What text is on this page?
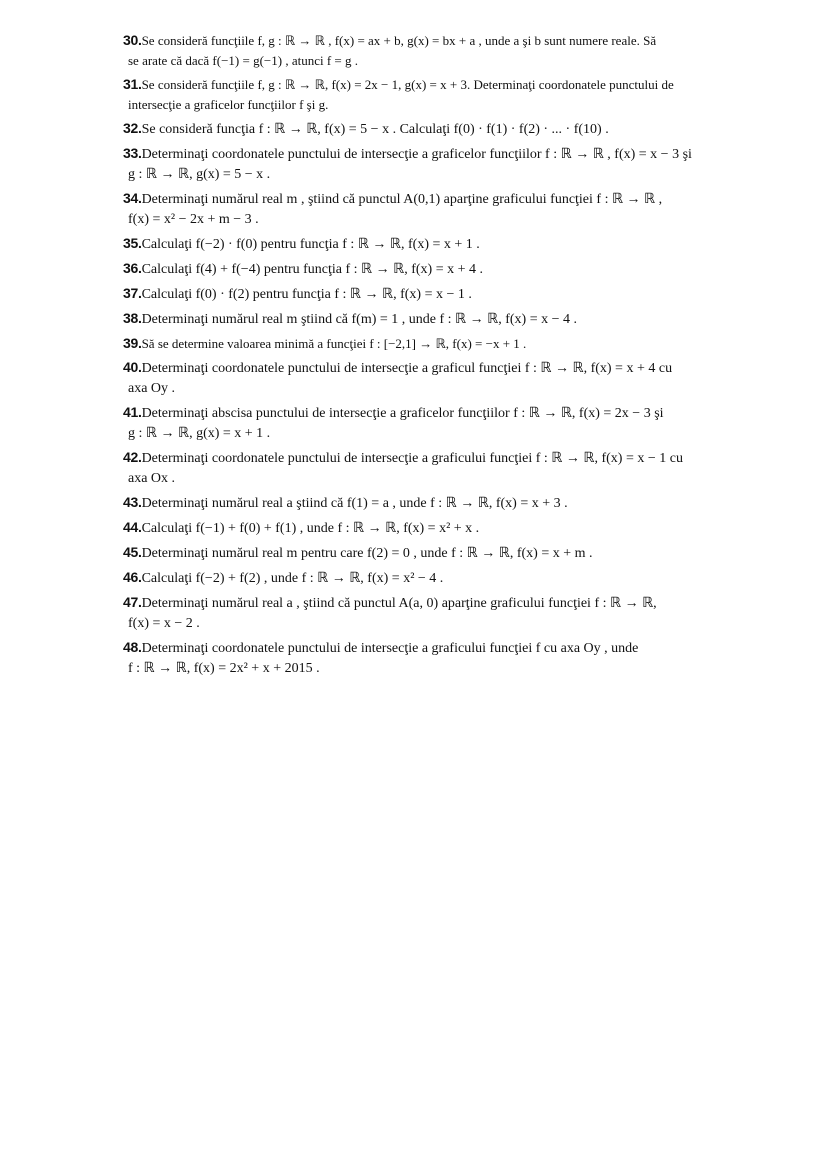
30.Se consideră funcţiile f, g : ℝ → ℝ , f(x) = ax + b, g(x) = bx + a , unde a şi b sunt numere reale. Să
se arate că dacă f(−1) = g(−1) , atunci f = g .
31.Se consideră funcţiile f, g : ℝ → ℝ, f(x) = 2x − 1, g(x) = x + 3. Determinaţi coordonatele punctului de
intersecţie a graficelor funcţiilor f şi g.
32.Se consideră funcţia f : ℝ → ℝ, f(x) = 5 − x . Calculaţi f(0) · f(1) · f(2) · ... · f(10) .
33.Determinaţi coordonatele punctului de intersecţie a graficelor funcţiilor f : ℝ → ℝ , f(x) = x − 3 şi
g : ℝ → ℝ, g(x) = 5 − x .
34.Determinaţi numărul real m , ştiind că punctul A(0,1) aparţine graficului funcţiei f : ℝ → ℝ ,
f(x) = x² − 2x + m − 3 .
35.Calculaţi f(−2) · f(0) pentru funcţia f : ℝ → ℝ, f(x) = x + 1 .
36.Calculaţi f(4) + f(−4) pentru funcţia f : ℝ → ℝ, f(x) = x + 4 .
37.Calculaţi f(0) · f(2) pentru funcţia f : ℝ → ℝ, f(x) = x − 1 .
38.Determinaţi numărul real m ştiind că f(m) = 1 , unde f : ℝ → ℝ, f(x) = x − 4 .
39.Să se determine valoarea minimă a funcţiei f : [−2,1] → ℝ, f(x) = −x + 1 .
40.Determinaţi coordonatele punctului de intersecţie a graficul funcţiei f : ℝ → ℝ, f(x) = x + 4 cu
axa Oy .
41.Determinaţi abscisa punctului de intersecţie a graficelor funcţiilor f : ℝ → ℝ, f(x) = 2x − 3 şi
g : ℝ → ℝ, g(x) = x + 1 .
42.Determinaţi coordonatele punctului de intersecţie a graficului funcţiei f : ℝ → ℝ, f(x) = x − 1 cu
axa Ox .
43.Determinaţi numărul real a ştiind că f(1) = a , unde f : ℝ → ℝ, f(x) = x + 3 .
44.Calculaţi f(−1) + f(0) + f(1) , unde f : ℝ → ℝ, f(x) = x² + x .
45.Determinaţi numărul real m pentru care f(2) = 0 , unde f : ℝ → ℝ, f(x) = x + m .
46.Calculaţi f(−2) + f(2) , unde f : ℝ → ℝ, f(x) = x² − 4 .
47.Determinaţi numărul real a , ştiind că punctul A(a, 0) aparţine graficului funcţiei f : ℝ → ℝ,
f(x) = x − 2 .
48.Determinaţi coordonatele punctului de intersecţie a graficului funcţiei f cu axa Oy , unde
f : ℝ → ℝ, f(x) = 2x² + x + 2015 .
